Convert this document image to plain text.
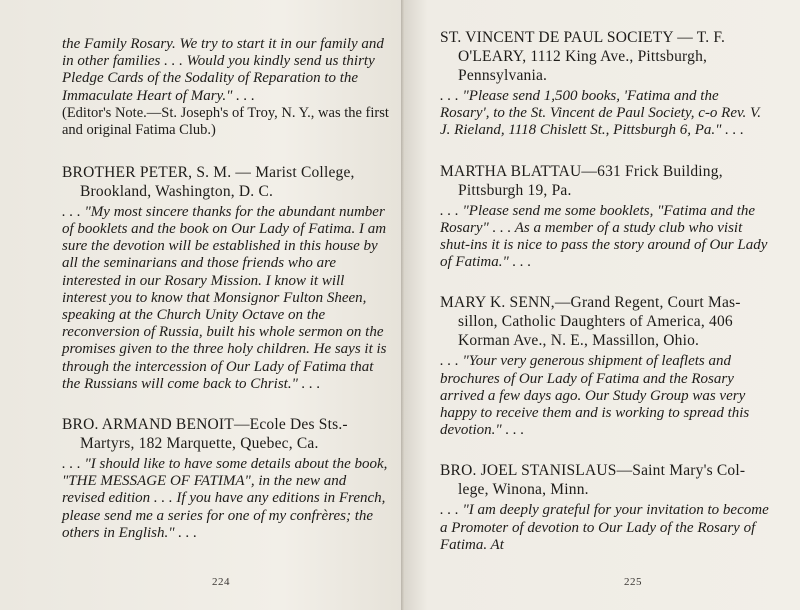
the Family Rosary. We try to start it in our family and in other families . . . Would you kindly send us thirty Pledge Cards of the Sodality of Reparation to the Immaculate Heart of Mary." . . .

(Editor's Note.—St. Joseph's of Troy, N. Y., was the first and original Fatima Club.)

BROTHER PETER, S. M. — Marist College,
Brookland, Washington, D. C.

. . . "My most sincere thanks for the abundant number of booklets and the book on Our Lady of Fatima. I am sure the devotion will be established in this house by all the seminarians and those friends who are interested in our Rosary Mission. I know it will interest you to know that Monsignor Fulton Sheen, speaking at the Church Unity Octave on the reconversion of Russia, built his whole sermon on the promises given to the three holy children. He says it is through the intercession of Our Lady of Fatima that the Russians will come back to Christ." . . .

BRO. ARMAND BENOIT—Ecole Des Sts.-
Martyrs, 182 Marquette, Quebec, Ca.

. . . "I should like to have some details about the book, "THE MESSAGE OF FATIMA", in the new and revised edition . . . If you have any editions in French, please send me a series for one of my confrères; the others in English." . . .

224

ST. VINCENT DE PAUL SOCIETY — T. F.
O'LEARY, 1112 King Ave., Pittsburgh, Pennsylvania.

. . . "Please send 1,500 books, 'Fatima and the Rosary', to the St. Vincent de Paul Society, c-o Rev. V. J. Rieland, 1118 Chislett St., Pittsburgh 6, Pa." . . .

MARTHA BLATTAU—631 Frick Building,
Pittsburgh 19, Pa.

. . . "Please send me some booklets, "Fatima and the Rosary" . . . As a member of a study club who visit shut-ins it is nice to pass the story around of Our Lady of Fatima." . . .

MARY K. SENN,—Grand Regent, Court Mas-
sillon, Catholic Daughters of America, 406 Korman Ave., N. E., Massillon, Ohio.

. . . "Your very generous shipment of leaflets and brochures of Our Lady of Fatima and the Rosary arrived a few days ago. Our Study Group was very happy to receive them and is working to spread this devotion." . . .

BRO. JOEL STANISLAUS—Saint Mary's Col-
lege, Winona, Minn.

. . . "I am deeply grateful for your invitation to become a Promoter of devotion to Our Lady of the Rosary of Fatima. At

225
